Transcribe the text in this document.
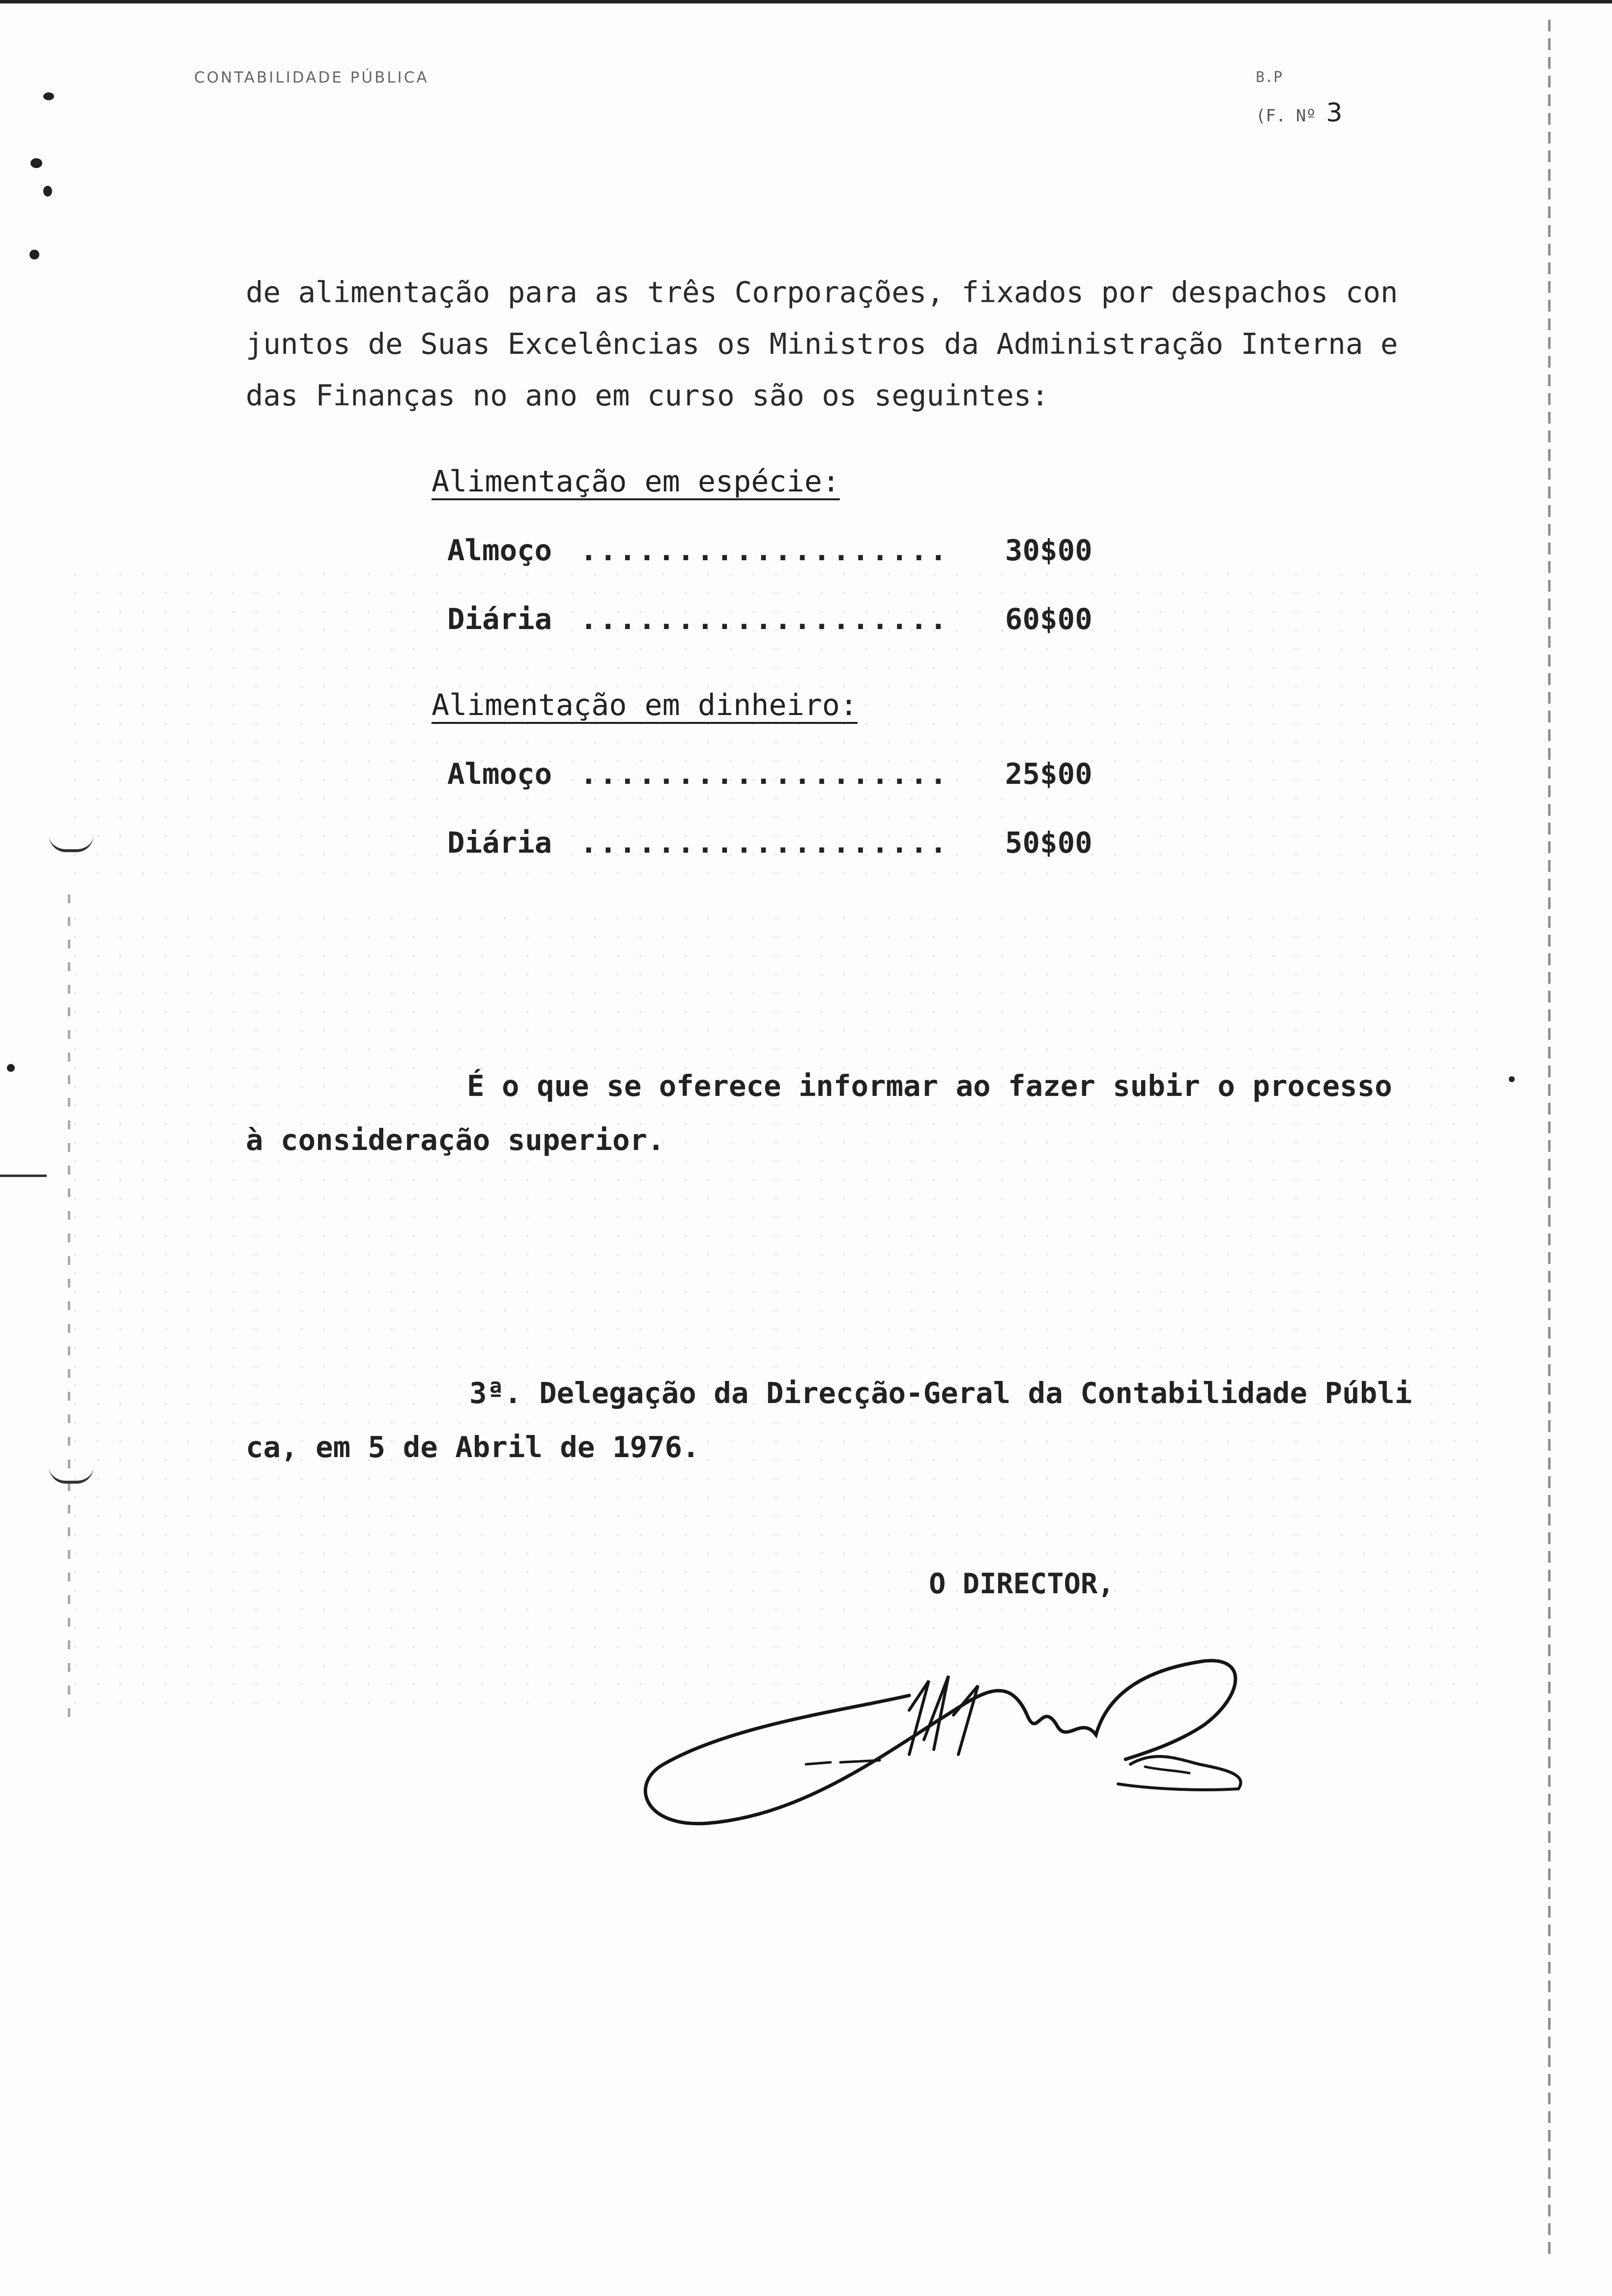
CONTABILIDADE PÚBLICA	B.P
(F. Nº 3
de alimentação para as três Corporações, fixados por despachos con
juntos de Suas Excelências os Ministros da Administração Interna e
das Finanças no ano em curso são os seguintes:
Alimentação em espécie:
Almoço ................... 30$00
Diária ................... 60$00
Alimentação em dinheiro:
Almoço ................... 25$00
Diária ................... 50$00
É o que se oferece informar ao fazer subir o processo
à consideração superior.
3ª. Delegação da Direcção-Geral da Contabilidade Públi
ca, em 5 de Abril de 1976.
O DIRECTOR,
